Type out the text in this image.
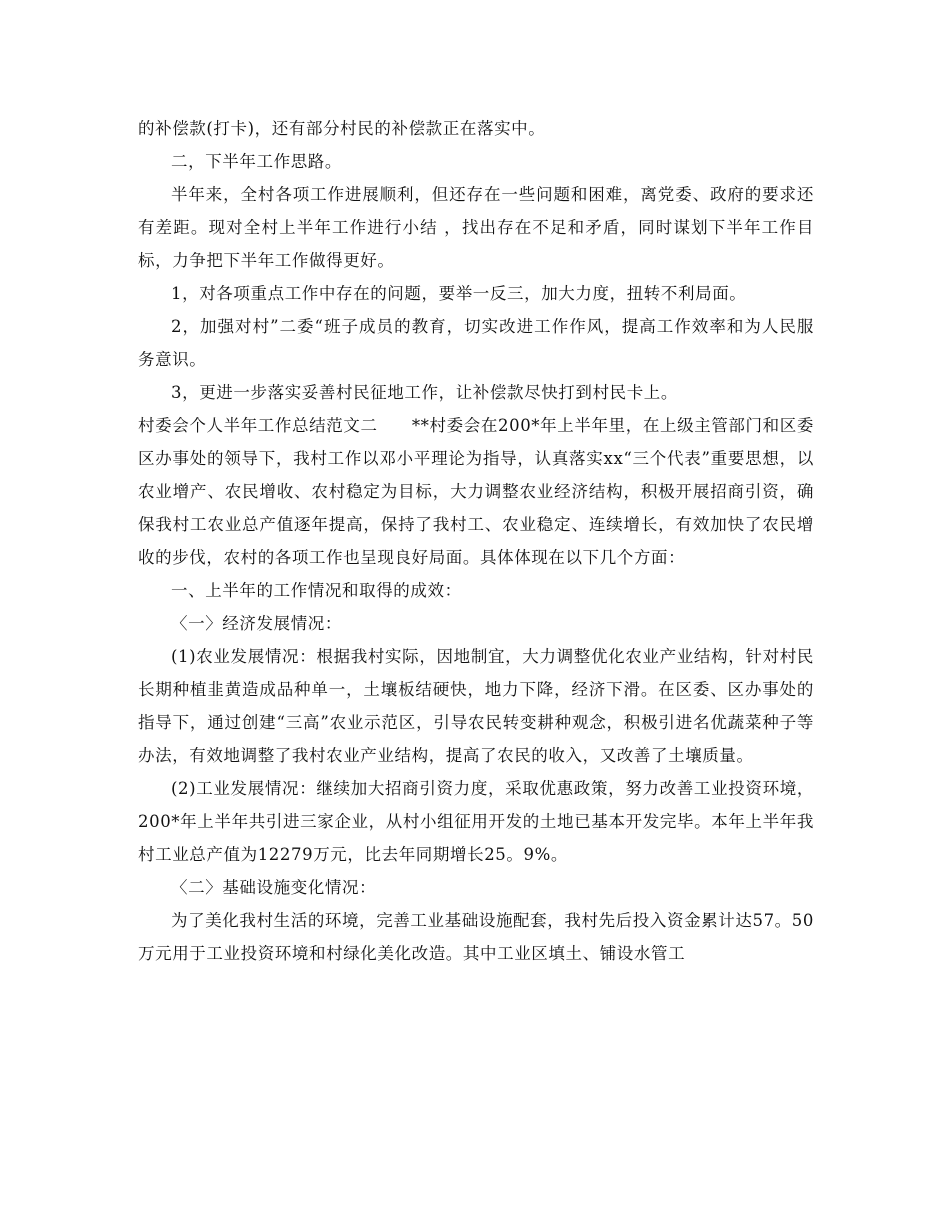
的补偿款(打卡)，还有部分村民的补偿款正在落实中。

二，下半年工作思路。

半年来，全村各项工作进展顺利，但还存在一些问题和困难，离党委、政府的要求还有差距。现对全村上半年工作进行小结 ，找出存在不足和矛盾，同时谋划下半年工作目标，力争把下半年工作做得更好。

1，对各项重点工作中存在的问题，要举一反三，加大力度，扭转不利局面。

2，加强对村”二委“班子成员的教育，切实改进工作作风，提高工作效率和为人民服务意识。

3，更进一步落实妥善村民征地工作，让补偿款尽快打到村民卡上。

村委会个人半年工作总结范文二　　**村委会在200*年上半年里，在上级主管部门和区委区办事处的领导下，我村工作以邓小平理论为指导，认真落实xx“三个代表”重要思想，以农业增产、农民增收、农村稳定为目标，大力调整农业经济结构，积极开展招商引资，确保我村工农业总产值逐年提高，保持了我村工、农业稳定、连续增长，有效加快了农民增收的步伐，农村的各项工作也呈现良好局面。具体体现在以下几个方面：

一、上半年的工作情况和取得的成效：

〈一〉经济发展情况：

(1)农业发展情况：根据我村实际，因地制宜，大力调整优化农业产业结构，针对村民长期种植韭黄造成品种单一，土壤板结硬快，地力下降，经济下滑。在区委、区办事处的指导下，通过创建“三高”农业示范区，引导农民转变耕种观念，积极引进名优蔬菜种子等办法，有效地调整了我村农业产业结构，提高了农民的收入，又改善了土壤质量。

(2)工业发展情况：继续加大招商引资力度，采取优惠政策，努力改善工业投资环境，200*年上半年共引进三家企业，从村小组征用开发的土地已基本开发完毕。本年上半年我村工业总产值为12279万元，比去年同期增长25。9%。

〈二〉基础设施变化情况：

为了美化我村生活的环境，完善工业基础设施配套，我村先后投入资金累计达57。50万元用于工业投资环境和村绿化美化改造。其中工业区填土、铺设水管工
